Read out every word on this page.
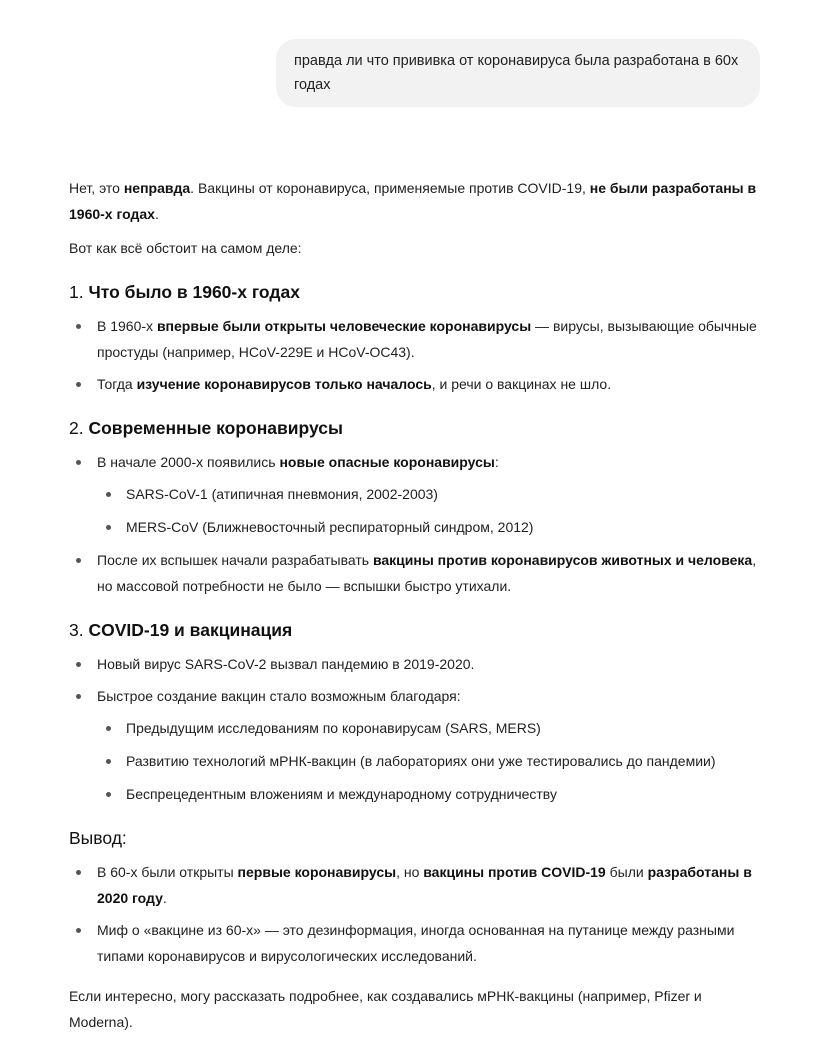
правда ли что прививка от коронавируса была разработана в 60х годах

Нет, это неправда. Вакцины от коронавируса, применяемые против COVID-19, не были разработаны в 1960-х годах.

Вот как всё обстоит на самом деле:

1. Что было в 1960-х годах
В 1960-х впервые были открыты человеческие коронавирусы — вирусы, вызывающие обычные простуды (например, HCoV-229E и HCoV-OC43).
Тогда изучение коронавирусов только началось, и речи о вакцинах не шло.
2. Современные коронавирусы
В начале 2000-х появились новые опасные коронавирусы:
SARS-CoV-1 (атипичная пневмония, 2002-2003)
MERS-CoV (Ближневосточный респираторный синдром, 2012)
После их вспышек начали разрабатывать вакцины против коронавирусов животных и человека, но массовой потребности не было — вспышки быстро утихали.
3. COVID-19 и вакцинация
Новый вирус SARS-CoV-2 вызвал пандемию в 2019-2020.
Быстрое создание вакцин стало возможным благодаря:
Предыдущим исследованиям по коронавирусам (SARS, MERS)
Развитию технологий мРНК-вакцин (в лабораториях они уже тестировались до пандемии)
Беспрецедентным вложениям и международному сотрудничеству
Вывод:
В 60-х были открыты первые коронавирусы, но вакцины против COVID-19 были разработаны в 2020 году.
Миф о «вакцине из 60-х» — это дезинформация, иногда основанная на путанице между разными типами коронавирусов и вирусологических исследований.

Если интересно, могу рассказать подробнее, как создавались мРНК-вакцины (например, Pfizer и Moderna).
